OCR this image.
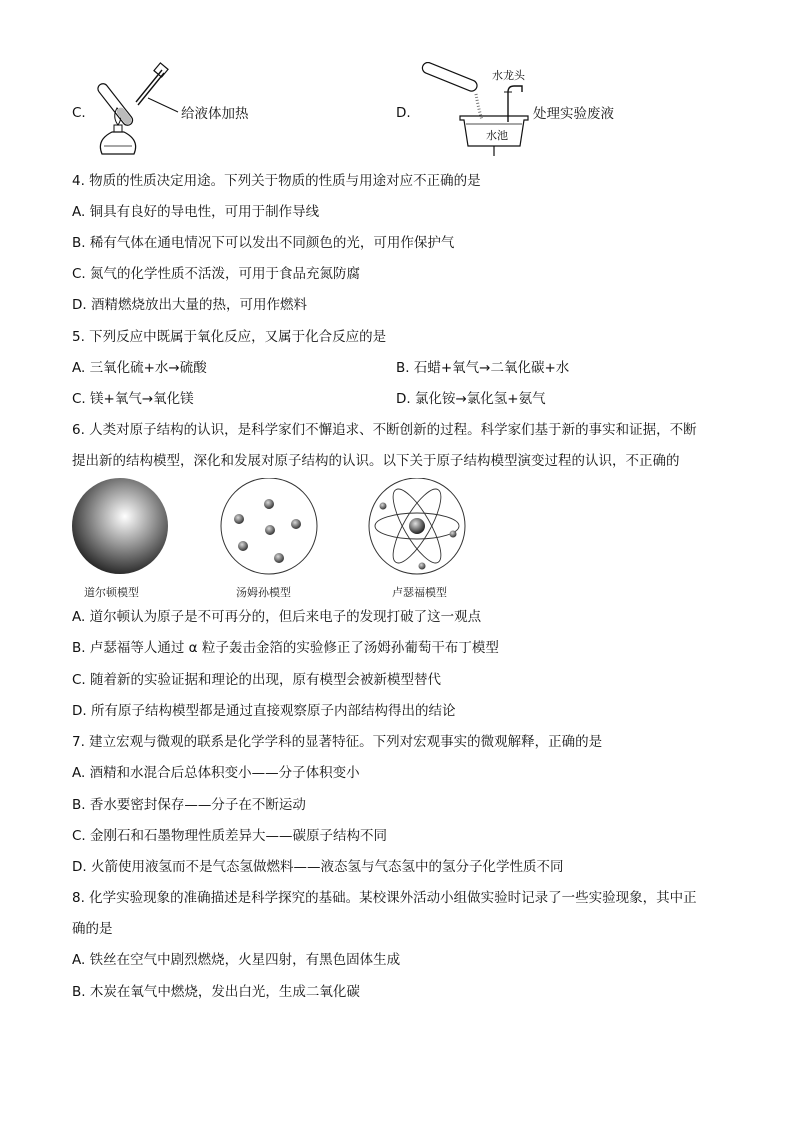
C.	给液体加热	D.
水龙头
水池
处理实验废液
4. 物质的性质决定用途。下列关于物质的性质与用途对应不正确的是
A. 铜具有良好的导电性，可用于制作导线
B. 稀有气体在通电情况下可以发出不同颜色的光，可用作保护气
C. 氮气的化学性质不活泼，可用于食品充氮防腐
D. 酒精燃烧放出大量的热，可用作燃料
5. 下列反应中既属于氧化反应，又属于化合反应的是
A. 三氧化硫+水→硫酸	B. 石蜡+氧气→二氧化碳+水
C. 镁+氧气→氧化镁	D. 氯化铵→氯化氢+氨气
6. 人类对原子结构的认识，是科学家们不懈追求、不断创新的过程。科学家们基于新的事实和证据，不断
提出新的结构模型，深化和发展对原子结构的认识。以下关于原子结构模型演变过程的认识，不正确的
道尔顿模型	汤姆孙模型	卢瑟福模型
A. 道尔顿认为原子是不可再分的，但后来电子的发现打破了这一观点
B. 卢瑟福等人通过 α 粒子轰击金箔的实验修正了汤姆孙葡萄干布丁模型
C. 随着新的实验证据和理论的出现，原有模型会被新模型替代
D. 所有原子结构模型都是通过直接观察原子内部结构得出的结论
7. 建立宏观与微观的联系是化学学科的显著特征。下列对宏观事实的微观解释，正确的是
A. 酒精和水混合后总体积变小——分子体积变小
B. 香水要密封保存——分子在不断运动
C. 金刚石和石墨物理性质差异大——碳原子结构不同
D. 火箭使用液氢而不是气态氢做燃料——液态氢与气态氢中的氢分子化学性质不同
8. 化学实验现象的准确描述是科学探究的基础。某校课外活动小组做实验时记录了一些实验现象，其中正
确的是
A. 铁丝在空气中剧烈燃烧，火星四射，有黑色固体生成
B. 木炭在氧气中燃烧，发出白光，生成二氧化碳
